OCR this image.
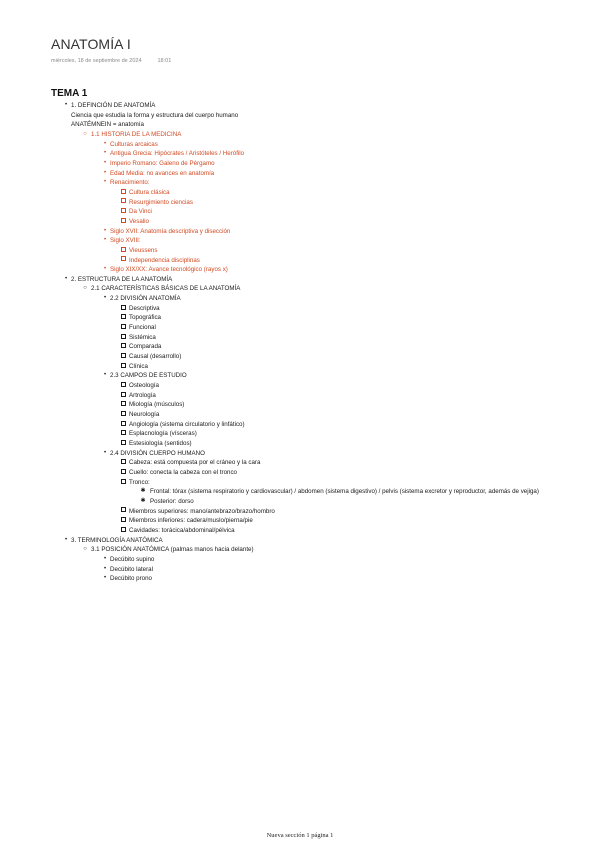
ANATOMÍA I
miércoles, 18 de septiembre de 2024	18:01
TEMA 1
• 1. DEFINCIÓN DE ANATOMÍA
Ciencia que estudia la forma y estructura del cuerpo humano
ANATÉMNEIN = anatomía
○ 1.1 HISTORIA DE LA MEDICINA
• Culturas arcaicas
• Antigua Grecia: Hipócrates / Aristóteles / Herófilo
• Imperio Romano: Galeno de Pérgamo
• Edad Media: no avances en anatomía
• Renacimiento:
Cultura clásica
Resurgimiento ciencias
Da Vinci
Vesalio
• Siglo XVII: Anatomía descriptiva y disección
• Siglo XVIII:
Vieussens
Independencia disciplinas
• Siglo XIX/XX: Avance tecnológico (rayos x)
• 2. ESTRUCTURA DE LA ANATOMÍA
○ 2.1 CARACTERÍSTICAS BÁSICAS DE LA ANATOMÍA
• 2.2 DIVISIÓN ANATOMÍA
Descriptiva
Topográfica
Funcional
Sistémica
Comparada
Causal (desarrollo)
Clínica
• 2.3 CAMPOS DE ESTUDIO
Osteología
Artrología
Miología (músculos)
Neurología
Angiología (sistema circulatorio y linfático)
Esplacnología (vísceras)
Estesiología (sentidos)
• 2.4 DIVISIÓN CUERPO HUMANO
Cabeza: está compuesta por el cráneo y la cara
Cuello: conecta la cabeza con el tronco
Tronco:
✱ Frontal: tórax (sistema respiratorio y cardiovascular) / abdomen (sistema digestivo) / pelvis (sistema excretor y reproductor, además de vejiga)
✱ Posterior: dorso
Miembros superiores: mano/antebrazo/brazo/hombro
Miembros inferiores: cadera/muslo/pierna/pie
Cavidades: torácica/abdominal/pélvica
• 3. TERMINOLOGÍA ANATÓMICA
○ 3.1 POSICIÓN ANATÓMICA (palmas manos hacia delante)
• Decúbito supino
• Decúbito lateral
• Decúbito prono
Nueva sección 1 página 1
